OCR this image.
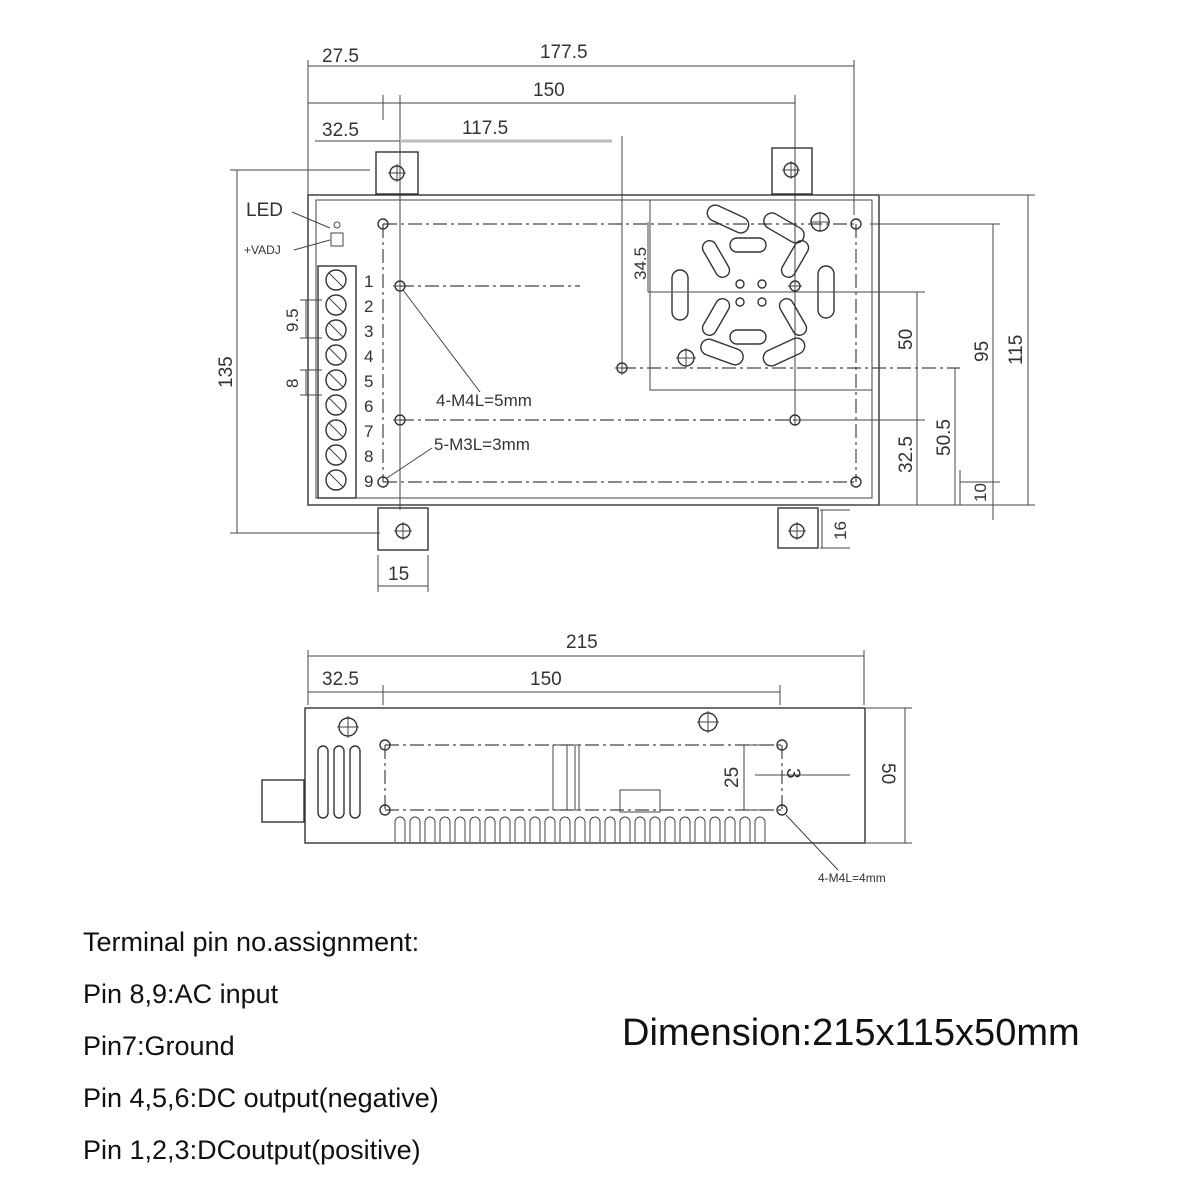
27.5	177.5
150
32.5	117.5
135
LED
+VADJ
1
2
3
4
5
6
7
8
9
9.5
8
4-M4L=5mm
5-M3L=3mm
34.5
50
32.5 50.5
95 115
10
16
15
215
32.5	150
25 3	50
4-M4L=4mm
Terminal pin no.assignment:
Pin 8,9:AC input
Pin7:Ground
Pin 4,5,6:DC output(negative)
Pin 1,2,3:DCoutput(positive)
Dimension:215x115x50mm
